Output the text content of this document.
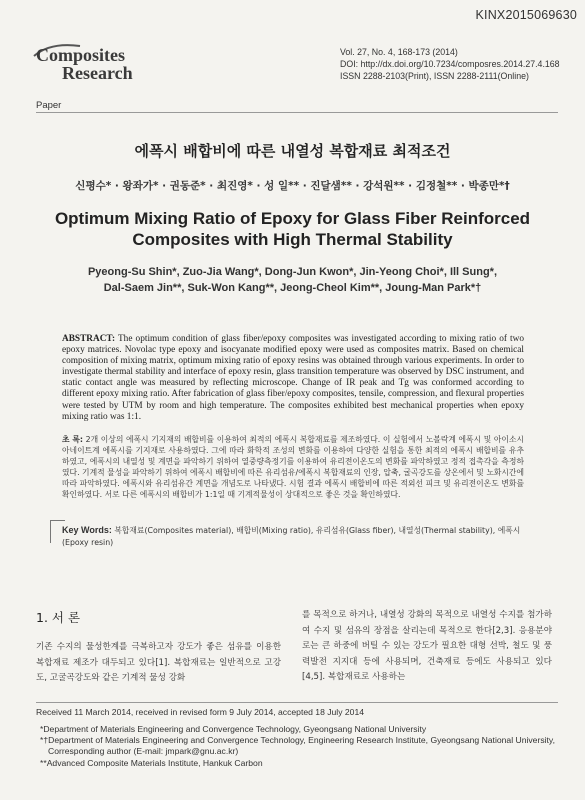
KINX2015069630
Composites
Research
Vol. 27, No. 4, 168-173 (2014)
DOI: http://dx.doi.org/10.7234/composres.2014.27.4.168
ISSN 2288-2103(Print), ISSN 2288-2111(Online)
Paper
에폭시 배합비에 따른 내열성 복합재료 최적조건
신평수* · 왕좌가* · 권동준* · 최진영* · 성 일** · 진달샘** · 강석원** · 김정철** · 박종만*†
Optimum Mixing Ratio of Epoxy for Glass Fiber Reinforced Composites with High Thermal Stability
Pyeong-Su Shin*, Zuo-Jia Wang*, Dong-Jun Kwon*, Jin-Yeong Choi*, Ill Sung*,
Dal-Saem Jin**, Suk-Won Kang**, Jeong-Cheol Kim**, Joung-Man Park*†
ABSTRACT: The optimum condition of glass fiber/epoxy composites was investigated according to mixing ratio of two epoxy matrices. Novolac type epoxy and isocyanate modified epoxy were used as composites matrix. Based on chemical composition of mixing matrix, optimum mixing ratio of epoxy resins was obtained through various experiments. In order to investigate thermal stability and interface of epoxy resin, glass transition temperature was observed by DSC instrument, and static contact angle was measured by reflecting microscope. Change of IR peak and Tg was conformed according to different epoxy mixing ratio. After fabrication of glass fiber/epoxy composites, tensile, compression, and flexural properties were tested by UTM by room and high temperature. The composites exhibited best mechanical properties when epoxy mixing ratio was 1:1.
초 록: 2개 이상의 에폭시 기지재의 배합비를 이용하여 최적의 에폭시 복합재료를 제조하였다. 이 실험에서 노볼락계 에폭시 및 아이소시아네이트계 에폭시를 기지재로 사용하였다. 그에 따라 화학적 조성의 변화를 이용하여 다양한 실험을 통한 최적의 에폭시 배합비를 유추하였고, 에폭시의 내열성 및 계면을 파악하기 위하여 열중량측정기를 이용하여 유리전이온도의 변화를 파악하였고 정적 접촉각을 측정하였다. 기계적 물성을 파악하기 위하여 에폭시 배합비에 따른 유리섬유/에폭시 복합재료의 인장, 압축, 굴곡강도를 상온에서 및 노화시간에 따라 파악하였다. 에폭시와 유리섬유간 계면을 개념도로 나타냈다. 시험 결과 에폭시 배합비에 따른 적외선 피크 및 유리전이온도 변화를 확인하였다. 서로 다른 에폭시의 배합비가 1:1일 때 기계적물성이 상대적으로 좋은 것을 확인하였다.
Key Words: 복합재료(Composites material), 배합비(Mixing ratio), 유리섬유(Glass fiber), 내열성(Thermal stability), 에폭시(Epoxy resin)
1. 서 론
기존 수지의 물성한계를 극복하고자 강도가 좋은 섬유를 이용한 복합재료 제조가 대두되고 있다[1]. 복합재료는 일반적으로 고강도, 고굴곡강도와 같은 기계적 물성 강화
를 목적으로 하거나, 내열성 강화의 목적으로 내열성 수지를 첨가하여 수지 및 섬유의 장점을 살리는데 목적으로 한다[2,3]. 응용분야로는 큰 하중에 버틸 수 있는 강도가 필요한 대형 선박, 철도 및 풍력발전 지지대 등에 사용되며, 건축재료 등에도 사용되고 있다[4,5]. 복합재료로 사용하는
Received 11 March 2014, received in revised form 9 July 2014, accepted 18 July 2014
*Department of Materials Engineering and Convergence Technology, Gyeongsang National University
*†Department of Materials Engineering and Convergence Technology, Engineering Research Institute, Gyeongsang National University,
Corresponding author (E-mail: jmpark@gnu.ac.kr)
**Advanced Composite Materials Institute, Hankuk Carbon
